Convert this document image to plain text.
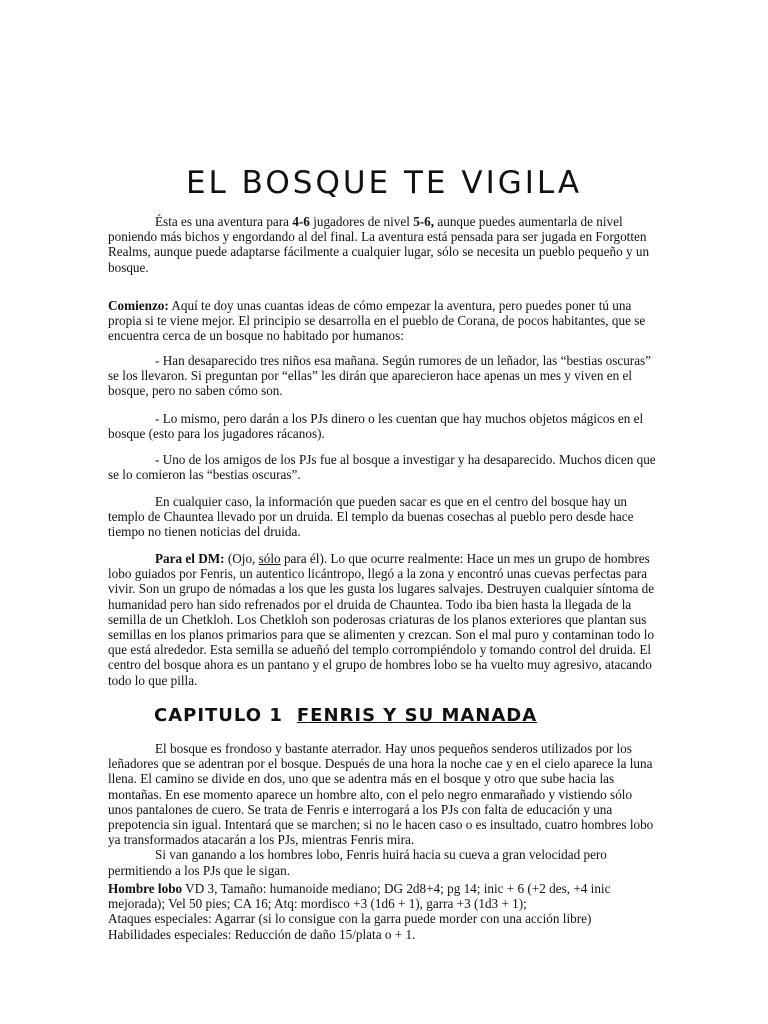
EL BOSQUE TE VIGILA

Ésta es una aventura para 4-6 jugadores de nivel 5-6, aunque puedes aumentarla de nivel poniendo más bichos y engordando al del final. La aventura está pensada para ser jugada en Forgotten Realms, aunque puede adaptarse fácilmente a cualquier lugar, sólo se necesita un pueblo pequeño y un bosque.

Comienzo: Aquí te doy unas cuantas ideas de cómo empezar la aventura, pero puedes poner tú una propia si te viene mejor. El principio se desarrolla en el pueblo de Corana, de pocos habitantes, que se encuentra cerca de un bosque no habitado por humanos:

- Han desaparecido tres niños esa mañana. Según rumores de un leñador, las “bestias oscuras” se los llevaron. Si preguntan por “ellas” les dirán que aparecieron hace apenas un mes y viven en el bosque, pero no saben cómo son.

- Lo mismo, pero darán a los PJs dinero o les cuentan que hay muchos objetos mágicos en el bosque (esto para los jugadores rácanos).

- Uno de los amigos de los PJs fue al bosque a investigar y ha desaparecido. Muchos dicen que se lo comieron las “bestias oscuras”.

En cualquier caso, la información que pueden sacar es que en el centro del bosque hay un templo de Chauntea llevado por un druida. El templo da buenas cosechas al pueblo pero desde hace tiempo no tienen noticias del druida.

Para el DM: (Ojo, sólo para él). Lo que ocurre realmente: Hace un mes un grupo de hombres lobo guiados por Fenris, un autentico licántropo, llegó a la zona y encontró unas cuevas perfectas para vivir. Son un grupo de nómadas a los que les gusta los lugares salvajes. Destruyen cualquier síntoma de humanidad pero han sido refrenados por el druida de Chauntea. Todo iba bien hasta la llegada de la semilla de un Chetkloh. Los Chetkloh son poderosas criaturas de los planos exteriores que plantan sus semillas en los planos primarios para que se alimenten y crezcan. Son el mal puro y contaminan todo lo que está alrededor. Esta semilla se adueñó del templo corrompiéndolo y tomando control del druida. El centro del bosque ahora es un pantano y el grupo de hombres lobo se ha vuelto muy agresivo, atacando todo lo que pilla.

CAPITULO 1 FENRIS Y SU MANADA

El bosque es frondoso y bastante aterrador. Hay unos pequeños senderos utilizados por los leñadores que se adentran por el bosque. Después de una hora la noche cae y en el cielo aparece la luna llena. El camino se divide en dos, uno que se adentra más en el bosque y otro que sube hacia las montañas. En ese momento aparece un hombre alto, con el pelo negro enmarañado y vistiendo sólo unos pantalones de cuero. Se trata de Fenris e interrogará a los PJs con falta de educación y una prepotencia sin igual. Intentará que se marchen; si no le hacen caso o es insultado, cuatro hombres lobo ya transformados atacarán a los PJs, mientras Fenris mira.

Si van ganando a los hombres lobo, Fenris huirá hacia su cueva a gran velocidad pero permitiendo a los PJs que le sigan.

Hombre lobo VD 3, Tamaño: humanoide mediano; DG 2d8+4; pg 14; inic + 6 (+2 des, +4 inic mejorada); Vel 50 pies; CA 16; Atq: mordisco +3 (1d6 + 1), garra +3 (1d3 + 1);

Ataques especiales: Agarrar (si lo consigue con la garra puede morder con una acción libre)

Habilidades especiales: Reducción de daño 15/plata o + 1.
